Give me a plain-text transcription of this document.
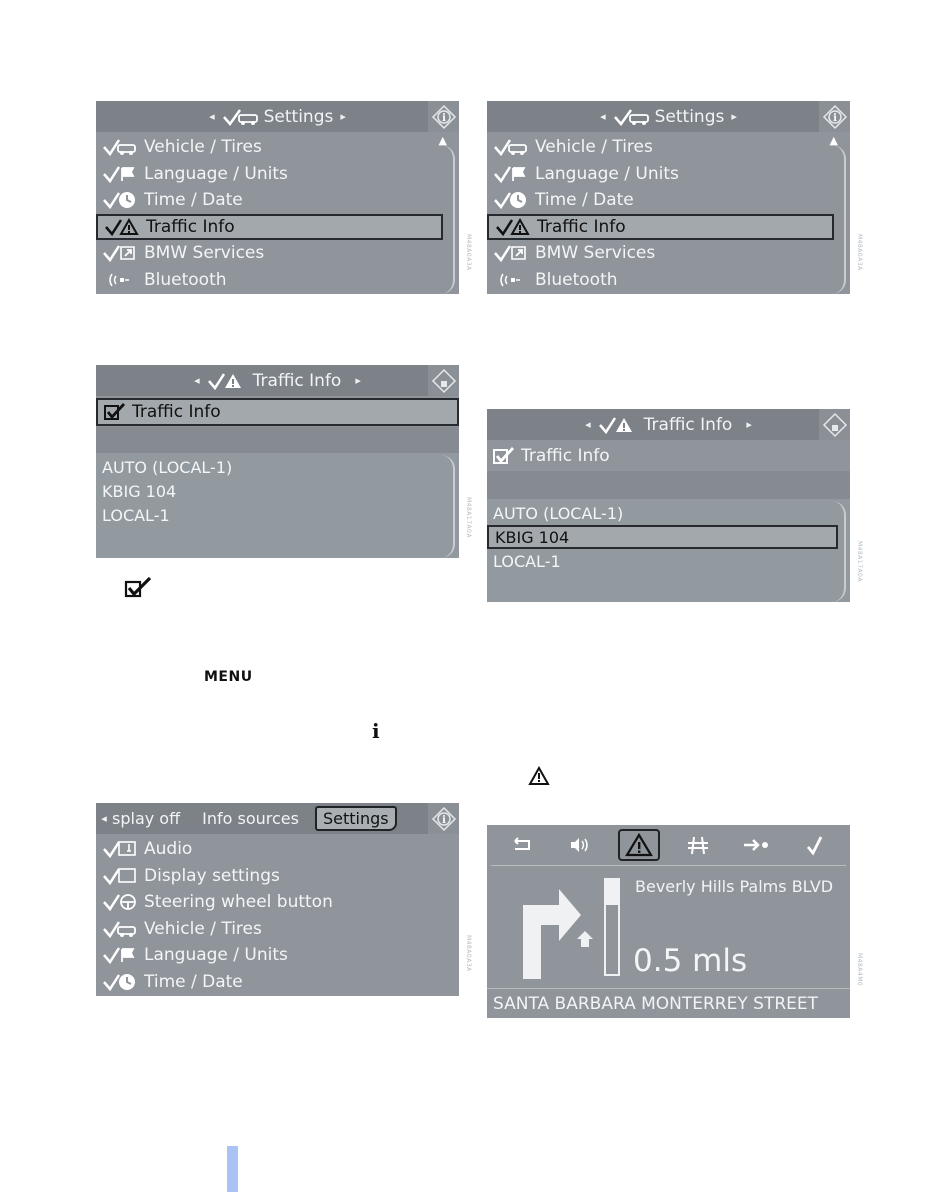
◂	Settings ▸	i
Vehicle / Tires
Language / Units
Time / Date
Traffic Info
BMW Services
Bluetooth
▲
M48A0A3A
◂	Settings ▸	i
Vehicle / Tires
Language / Units
Time / Date
Traffic Info
BMW Services
Bluetooth
▲
M48A0A3A
◂	Traffic Info ▸
Traffic Info
AUTO (LOCAL-1)
KBIG 104
LOCAL-1	M48A17A0A
◂	Traffic Info ▸
Traffic Info
AUTO (LOCAL-1)
KBIG 104
LOCAL-1	M48A17A0A
MENU
i
◂ splay off Info sources	Settings	i
Audio
Display settings
Steering wheel button
Vehicle / Tires
Language / Units
Time / Date
M48A0A3A
Beverly Hills Palms BLVD
0.5 mls
SANTA BARBARA MONTERREY STREET
M48A4M0
